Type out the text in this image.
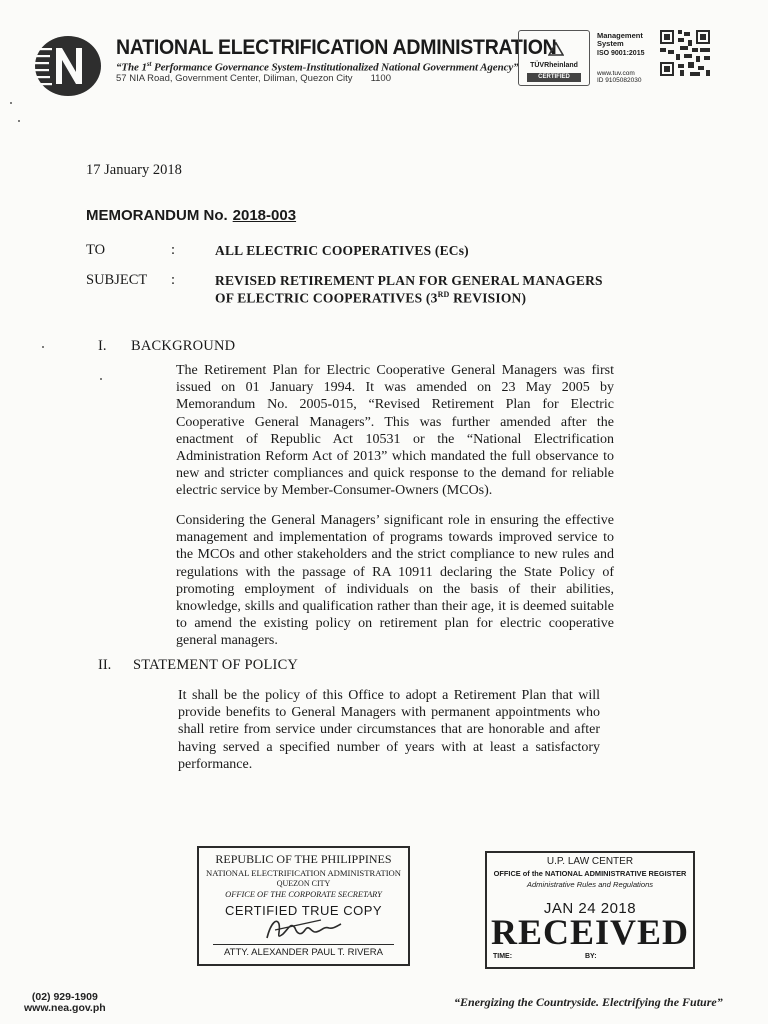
NATIONAL ELECTRIFICATION ADMINISTRATION
“The 1st Performance Governance System-Institutionalized National Government Agency”
57 NIA Road, Government Center, Diliman, Quezon City 1100
TÜVRheinland
CERTIFIED
Management System
ISO 9001:2015
www.tuv.com
ID 9105082030
17 January 2018
MEMORANDUM No. 2018-003
TO	:	ALL ELECTRIC COOPERATIVES (ECs)
SUBJECT :	REVISED RETIREMENT PLAN FOR GENERAL MANAGERS
OF ELECTRIC COOPERATIVES (3RD REVISION)
I. BACKGROUND
The Retirement Plan for Electric Cooperative General Managers was first issued on 01 January 1994. It was amended on 23 May 2005 by Memorandum No. 2005-015, “Revised Retirement Plan for Electric Cooperative General Managers”. This was further amended after the enactment of Republic Act 10531 or the “National Electrification Administration Reform Act of 2013” which mandated the full observance to new and stricter compliances and quick response to the demand for reliable electric service by Member-Consumer-Owners (MCOs).
Considering the General Managers’ significant role in ensuring the effective management and implementation of programs towards improved service to the MCOs and other stakeholders and the strict compliance to new rules and regulations with the passage of RA 10911 declaring the State Policy of promoting employment of individuals on the basis of their abilities, knowledge, skills and qualification rather than their age, it is deemed suitable to amend the existing policy on retirement plan for electric cooperative general managers.
II. STATEMENT OF POLICY
It shall be the policy of this Office to adopt a Retirement Plan that will provide benefits to General Managers with permanent appointments who shall retire from service under circumstances that are honorable and after having served a specified number of years with at least a satisfactory performance.
REPUBLIC OF THE PHILIPPINES
NATIONAL ELECTRIFICATION ADMINISTRATION
QUEZON CITY
OFFICE OF THE CORPORATE SECRETARY
CERTIFIED TRUE COPY
ATTY. ALEXANDER PAUL T. RIVERA
U.P. LAW CENTER
OFFICE of the NATIONAL ADMINISTRATIVE REGISTER
Administrative Rules and Regulations
JAN 24 2018
RECEIVED
TIME:	BY:
(02) 929-1909
www.nea.gov.ph	“Energizing the Countryside. Electrifying the Future”
